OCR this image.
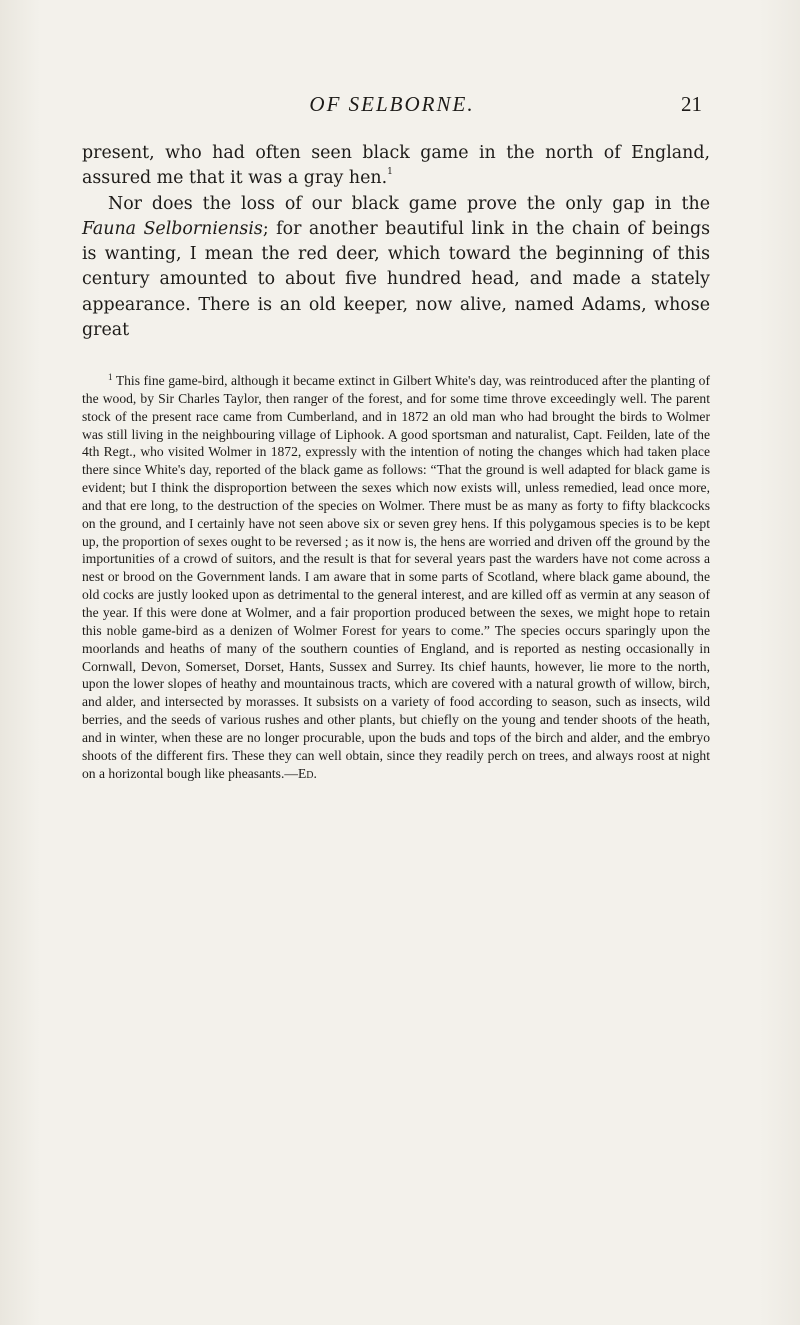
OF SELBORNE.	21

present, who had often seen black game in the north of England, assured me that it was a gray hen.$^1$

Nor does the loss of our black game prove the only gap in the Fauna Selborniensis; for another beautiful link in the chain of beings is wanting, I mean the red deer, which toward the beginning of this century amounted to about five hundred head, and made a stately appearance. There is an old keeper, now alive, named Adams, whose great

$^1$ This fine game-bird, although it became extinct in Gilbert White's day, was reintroduced after the planting of the wood, by Sir Charles Taylor, then ranger of the forest, and for some time throve exceedingly well. The parent stock of the present race came from Cumberland, and in 1872 an old man who had brought the birds to Wolmer was still living in the neighbouring village of Liphook. A good sportsman and naturalist, Capt. Feilden, late of the 4th Regt., who visited Wolmer in 1872, expressly with the intention of noting the changes which had taken place there since White's day, reported of the black game as follows: “That the ground is well adapted for black game is evident; but I think the disproportion between the sexes which now exists will, unless remedied, lead once more, and that ere long, to the destruction of the species on Wolmer. There must be as many as forty to fifty blackcocks on the ground, and I certainly have not seen above six or seven grey hens. If this polygamous species is to be kept up, the proportion of sexes ought to be reversed ; as it now is, the hens are worried and driven off the ground by the importunities of a crowd of suitors, and the result is that for several years past the warders have not come across a nest or brood on the Government lands. I am aware that in some parts of Scotland, where black game abound, the old cocks are justly looked upon as detrimental to the general interest, and are killed off as vermin at any season of the year. If this were done at Wolmer, and a fair proportion produced between the sexes, we might hope to retain this noble game-bird as a denizen of Wolmer Forest for years to come.” The species occurs sparingly upon the moorlands and heaths of many of the southern counties of England, and is reported as nesting occasionally in Cornwall, Devon, Somerset, Dorset, Hants, Sussex and Surrey. Its chief haunts, however, lie more to the north, upon the lower slopes of heathy and mountainous tracts, which are covered with a natural growth of willow, birch, and alder, and intersected by morasses. It subsists on a variety of food according to season, such as insects, wild berries, and the seeds of various rushes and other plants, but chiefly on the young and tender shoots of the heath, and in winter, when these are no longer procurable, upon the buds and tops of the birch and alder, and the embryo shoots of the different firs. These they can well obtain, since they readily perch on trees, and always roost at night on a horizontal bough like pheasants.—Ed.
